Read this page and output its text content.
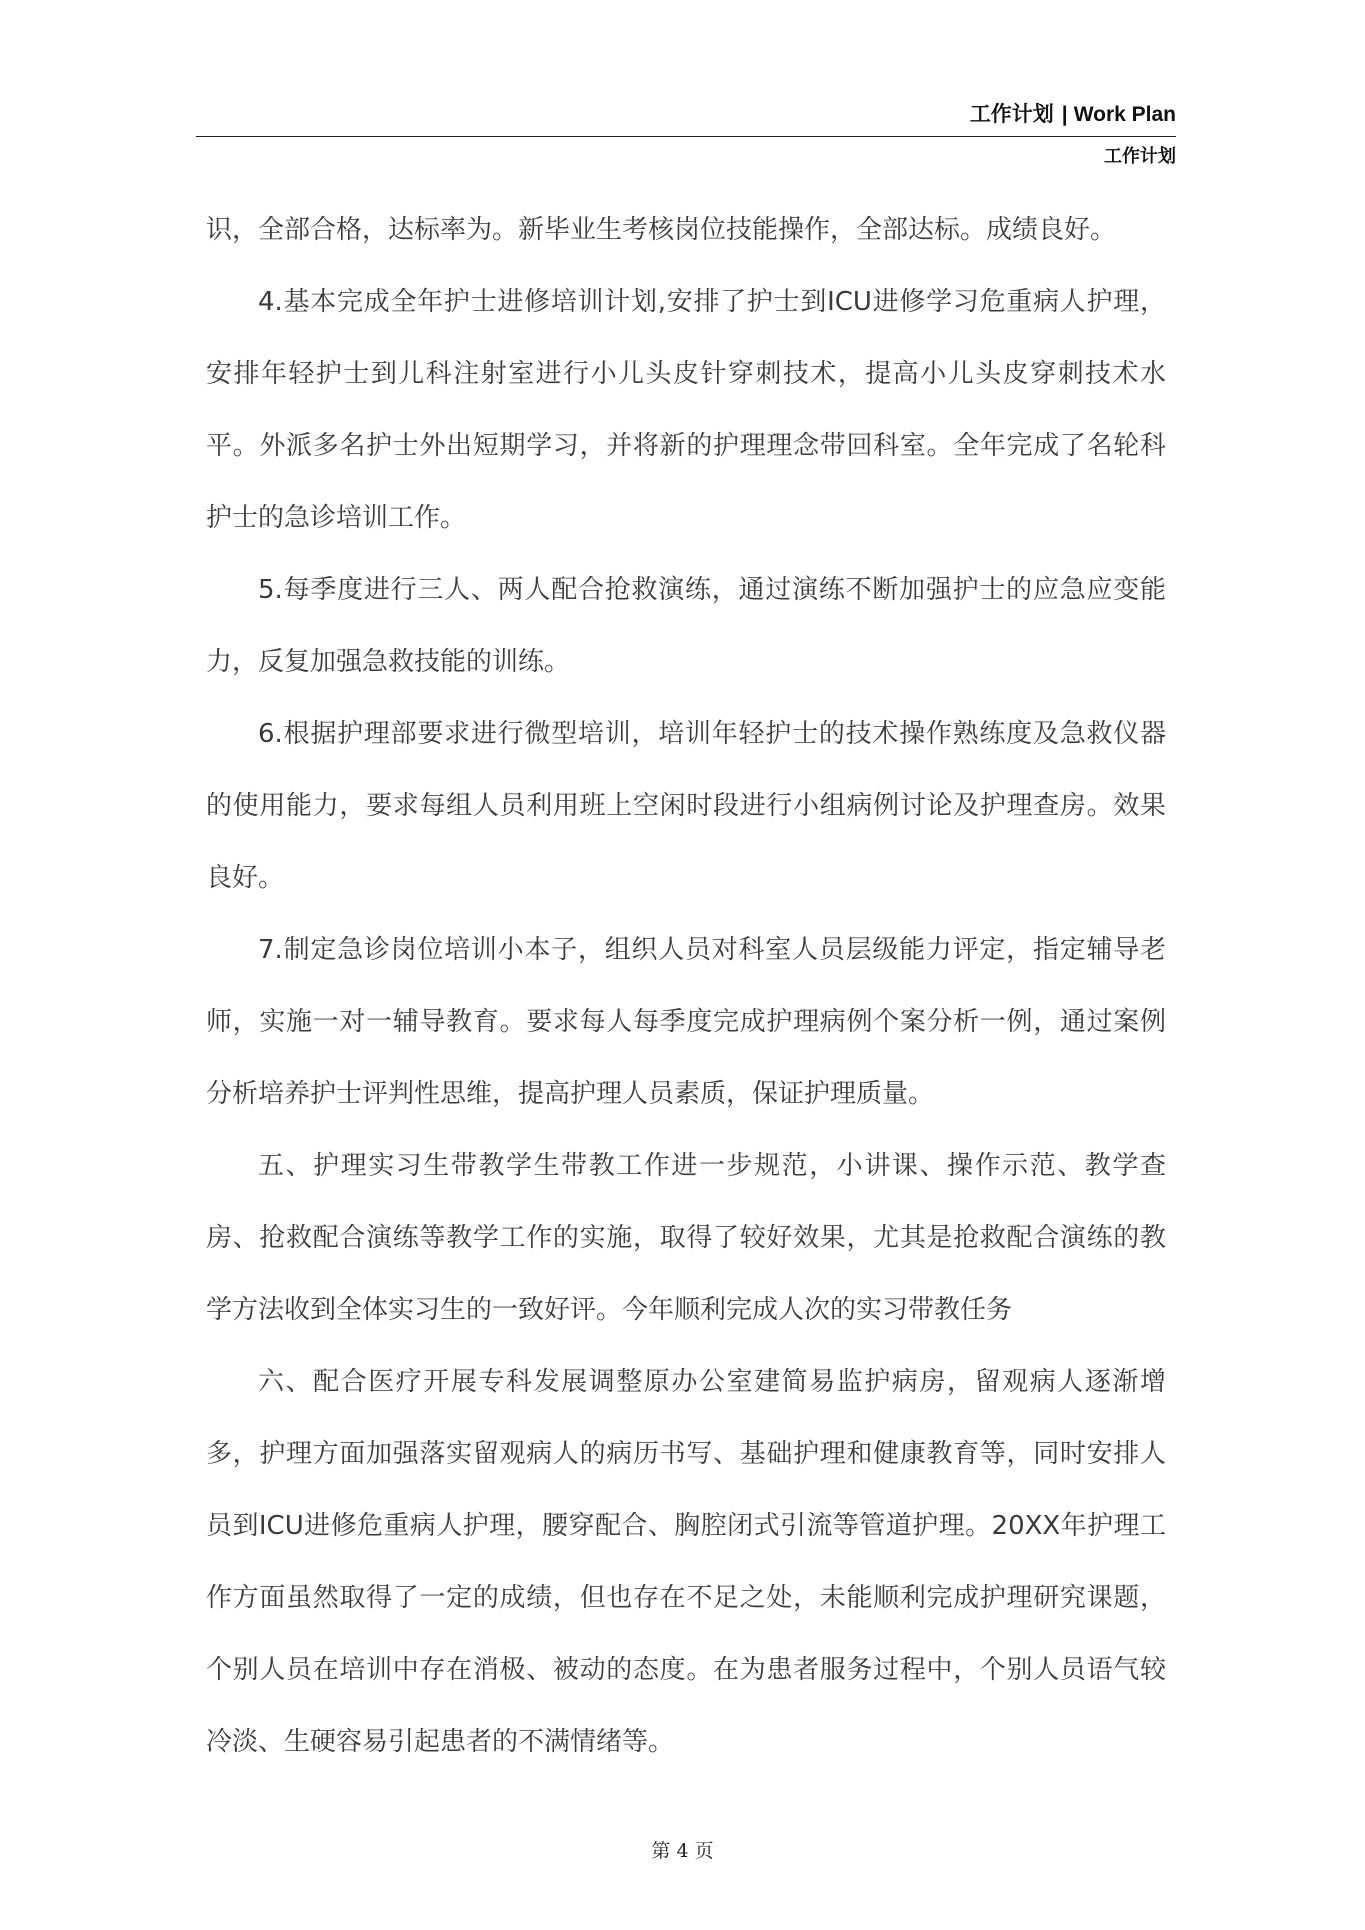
工作计划 | Work Plan
工作计划

识，全部合格，达标率为。新毕业生考核岗位技能操作，全部达标。成绩良好。

4.基本完成全年护士进修培训计划,安排了护士到ICU进修学习危重病人护理，安排年轻护士到儿科注射室进行小儿头皮针穿刺技术，提高小儿头皮穿刺技术水平。外派多名护士外出短期学习，并将新的护理理念带回科室。全年完成了名轮科护士的急诊培训工作。

5.每季度进行三人、两人配合抢救演练，通过演练不断加强护士的应急应变能力，反复加强急救技能的训练。

6.根据护理部要求进行微型培训，培训年轻护士的技术操作熟练度及急救仪器的使用能力，要求每组人员利用班上空闲时段进行小组病例讨论及护理查房。效果良好。

7.制定急诊岗位培训小本子，组织人员对科室人员层级能力评定，指定辅导老师，实施一对一辅导教育。要求每人每季度完成护理病例个案分析一例，通过案例分析培养护士评判性思维，提高护理人员素质，保证护理质量。

五、护理实习生带教学生带教工作进一步规范，小讲课、操作示范、教学查房、抢救配合演练等教学工作的实施，取得了较好效果，尤其是抢救配合演练的教学方法收到全体实习生的一致好评。今年顺利完成人次的实习带教任务

六、配合医疗开展专科发展调整原办公室建简易监护病房，留观病人逐渐增多，护理方面加强落实留观病人的病历书写、基础护理和健康教育等，同时安排人员到ICU进修危重病人护理，腰穿配合、胸腔闭式引流等管道护理。20XX年护理工作方面虽然取得了一定的成绩，但也存在不足之处，未能顺利完成护理研究课题，个别人员在培训中存在消极、被动的态度。在为患者服务过程中，个别人员语气较冷淡、生硬容易引起患者的不满情绪等。

第 4 页
